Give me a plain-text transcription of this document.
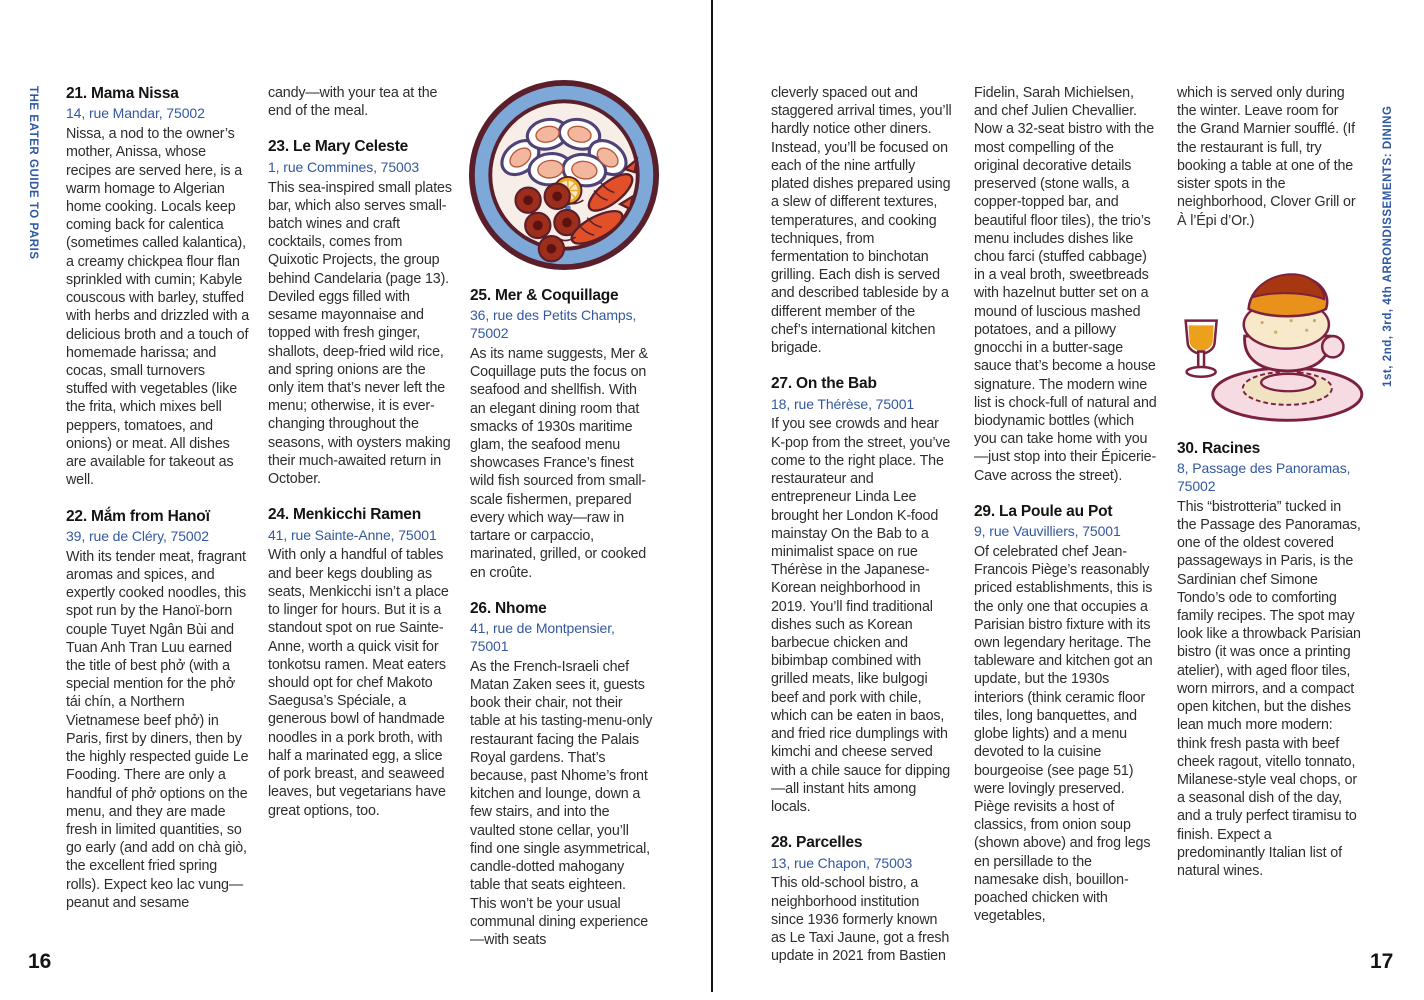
THE EATER GUIDE TO PARIS	1st, 2nd, 3rd, 4th ARRONDISSEMENTS: DINING
21. Mama Nissa
14, rue Mandar, 75002

Nissa, a nod to the owner’s mother, Anissa, whose recipes are served here, is a warm homage to Algerian home cooking. Locals keep coming back for calentica (sometimes called kalantica), a creamy chickpea flour flan sprinkled with cumin; Kabyle couscous with barley, stuffed with herbs and drizzled with a delicious broth and a touch of homemade harissa; and cocas, small turnovers stuffed with vegetables (like the frita, which mixes bell peppers, tomatoes, and onions) or meat. All dishes are available for takeout as well.

22. Mắm from Hanoï
39, rue de Cléry, 75002

With its tender meat, fragrant aromas and spices, and expertly cooked noodles, this spot run by the Hanoï-born couple Tuyet Ngân Bùi and Tuan Anh Tran Luu earned the title of best phở (with a special mention for the phở tái chín, a Northern Vietnamese beef phở) in Paris, first by diners, then by the highly respected guide Le Fooding. There are only a handful of phở options on the menu, and they are made fresh in limited quantities, so go early (and add on chà giò, the excellent fried spring rolls). Expect keo lac vung—peanut and sesame

candy—with your tea at the end of the meal.

23. Le Mary Celeste
1, rue Commines, 75003

This sea-inspired small plates bar, which also serves small-batch wines and craft cocktails, comes from Quixotic Projects, the group behind Candelaria (page 13). Deviled eggs filled with sesame mayonnaise and topped with fresh ginger, shallots, deep-fried wild rice, and spring onions are the only item that’s never left the menu; otherwise, it is ever-changing throughout the seasons, with oysters making their much-awaited return in October.

24. Menkicchi Ramen
41, rue Sainte-Anne, 75001

With only a handful of tables and beer kegs doubling as seats, Menkicchi isn’t a place to linger for hours. But it is a standout spot on rue Sainte-Anne, worth a quick visit for tonkotsu ramen. Meat eaters should opt for chef Makoto Saegusa’s Spéciale, a generous bowl of handmade noodles in a pork broth, with half a marinated egg, a slice of pork breast, and seaweed leaves, but vegetarians have great options, too.

25. Mer & Coquillage
36, rue des Petits Champs, 75002

As its name suggests, Mer & Coquillage puts the focus on seafood and shellfish. With an elegant dining room that smacks of 1930s maritime glam, the seafood menu showcases France’s finest wild fish sourced from small-scale fishermen, prepared every which way—raw in tartare or carpaccio, marinated, grilled, or cooked en croûte.

26. Nhome
41, rue de Montpensier, 75001

As the French-Israeli chef Matan Zaken sees it, guests book their chair, not their table at his tasting-menu-only restaurant facing the Palais Royal gardens. That’s because, past Nhome’s front kitchen and lounge, down a few stairs, and into the vaulted stone cellar, you’ll find one single asymmetrical, candle-dotted mahogany table that seats eighteen. This won’t be your usual communal dining experience—with seats

16

cleverly spaced out and staggered arrival times, you’ll hardly notice other diners. Instead, you’ll be focused on each of the nine artfully plated dishes prepared using a slew of different textures, temperatures, and cooking techniques, from fermentation to binchotan grilling. Each dish is served and described tableside by a different member of the chef’s international kitchen brigade.

27. On the Bab
18, rue Thérèse, 75001

If you see crowds and hear K-pop from the street, you’ve come to the right place. The restaurateur and entrepreneur Linda Lee brought her London K-food mainstay On the Bab to a minimalist space on rue Thérèse in the Japanese-Korean neighborhood in 2019. You’ll find traditional dishes such as Korean barbecue chicken and bibimbap combined with grilled meats, like bulgogi beef and pork with chile, which can be eaten in baos, and fried rice dumplings with kimchi and cheese served with a chile sauce for dipping—all instant hits among locals.

28. Parcelles
13, rue Chapon, 75003

This old-school bistro, a neighborhood institution since 1936 formerly known as Le Taxi Jaune, got a fresh update in 2021 from Bastien

Fidelin, Sarah Michielsen, and chef Julien Chevallier. Now a 32-seat bistro with the most compelling of the original decorative details preserved (stone walls, a copper-topped bar, and beautiful floor tiles), the trio’s menu includes dishes like chou farci (stuffed cabbage) in a veal broth, sweetbreads with hazelnut butter set on a mound of luscious mashed potatoes, and a pillowy gnocchi in a butter-sage sauce that’s become a house signature. The modern wine list is chock-full of natural and biodynamic bottles (which you can take home with you—just stop into their Épicerie-Cave across the street).

29. La Poule au Pot
9, rue Vauvilliers, 75001

Of celebrated chef Jean-Francois Piège’s reasonably priced establishments, this is the only one that occupies a Parisian bistro fixture with its own legendary heritage. The tableware and kitchen got an update, but the 1930s interiors (think ceramic floor tiles, long banquettes, and globe lights) and a menu devoted to la cuisine bourgeoise (see page 51) were lovingly preserved. Piège revisits a host of classics, from onion soup (shown above) and frog legs en persillade to the namesake dish, bouillon-poached chicken with vegetables,

which is served only during the winter. Leave room for the Grand Marnier soufflé. (If the restaurant is full, try booking a table at one of the sister spots in the neighborhood, Clover Grill or À l’Épi d’Or.)

30. Racines
8, Passage des Panoramas, 75002

This “bistrotteria” tucked in the Passage des Panoramas, one of the oldest covered passageways in Paris, is the Sardinian chef Simone Tondo’s ode to comforting family recipes. The spot may look like a throwback Parisian bistro (it was once a printing atelier), with aged floor tiles, worn mirrors, and a compact open kitchen, but the dishes lean much more modern: think fresh pasta with beef cheek ragout, vitello tonnato, Milanese-style veal chops, or a seasonal dish of the day, and a truly perfect tiramisu to finish. Expect a predominantly Italian list of natural wines.

17
